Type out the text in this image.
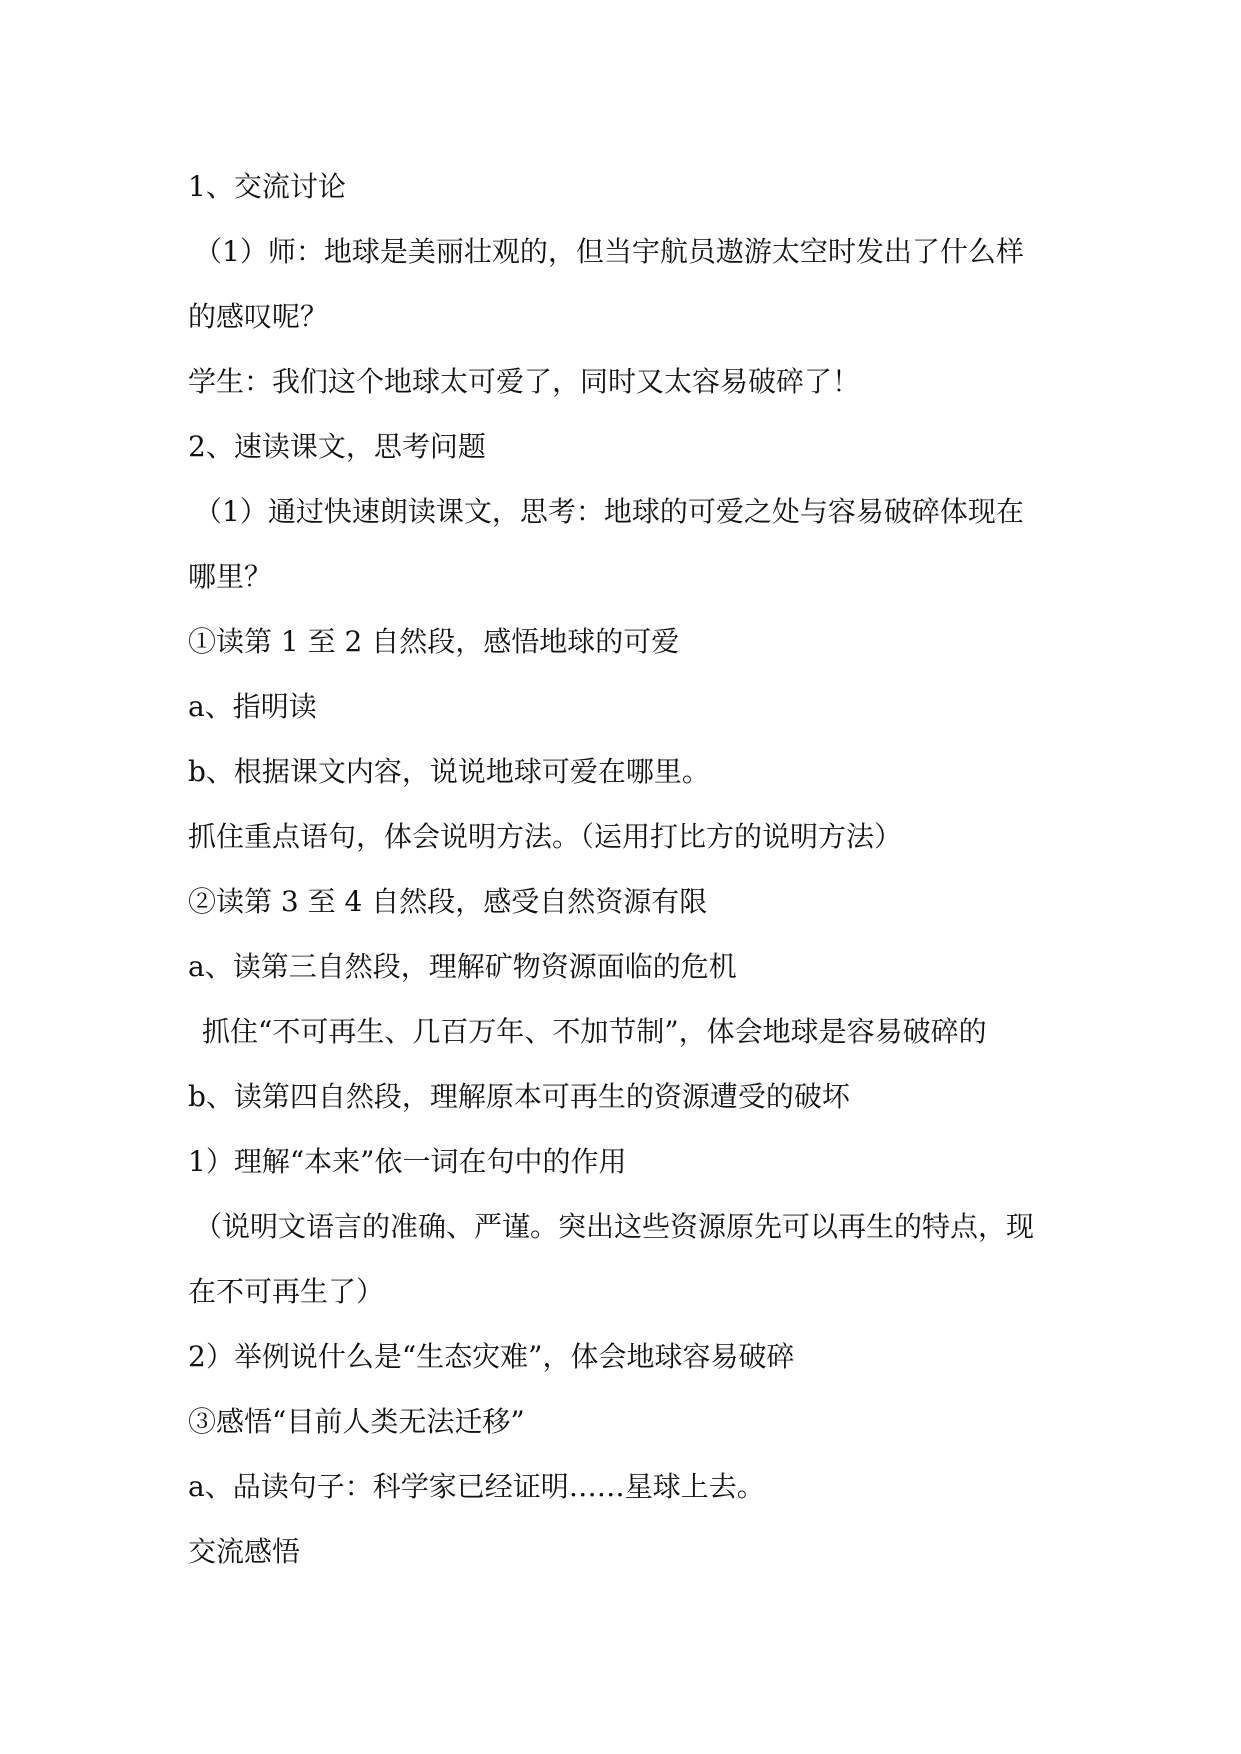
1、交流讨论
（1）师：地球是美丽壮观的，但当宇航员遨游太空时发出了什么样
的感叹呢？
学生：我们这个地球太可爱了，同时又太容易破碎了！
2、速读课文，思考问题
（1）通过快速朗读课文，思考：地球的可爱之处与容易破碎体现在
哪里？
①读第 1 至 2 自然段，感悟地球的可爱
a、指明读
b、根据课文内容，说说地球可爱在哪里。
抓住重点语句，体会说明方法。（运用打比方的说明方法）
②读第 3 至 4 自然段，感受自然资源有限
a、读第三自然段，理解矿物资源面临的危机
抓住“不可再生、几百万年、不加节制”，体会地球是容易破碎的
b、读第四自然段，理解原本可再生的资源遭受的破坏
1）理解“本来”依一词在句中的作用
（说明文语言的准确、严谨。突出这些资源原先可以再生的特点，现
在不可再生了）
2）举例说什么是“生态灾难”，体会地球容易破碎
③感悟“目前人类无法迁移”
a、品读句子：科学家已经证明……星球上去。
交流感悟
